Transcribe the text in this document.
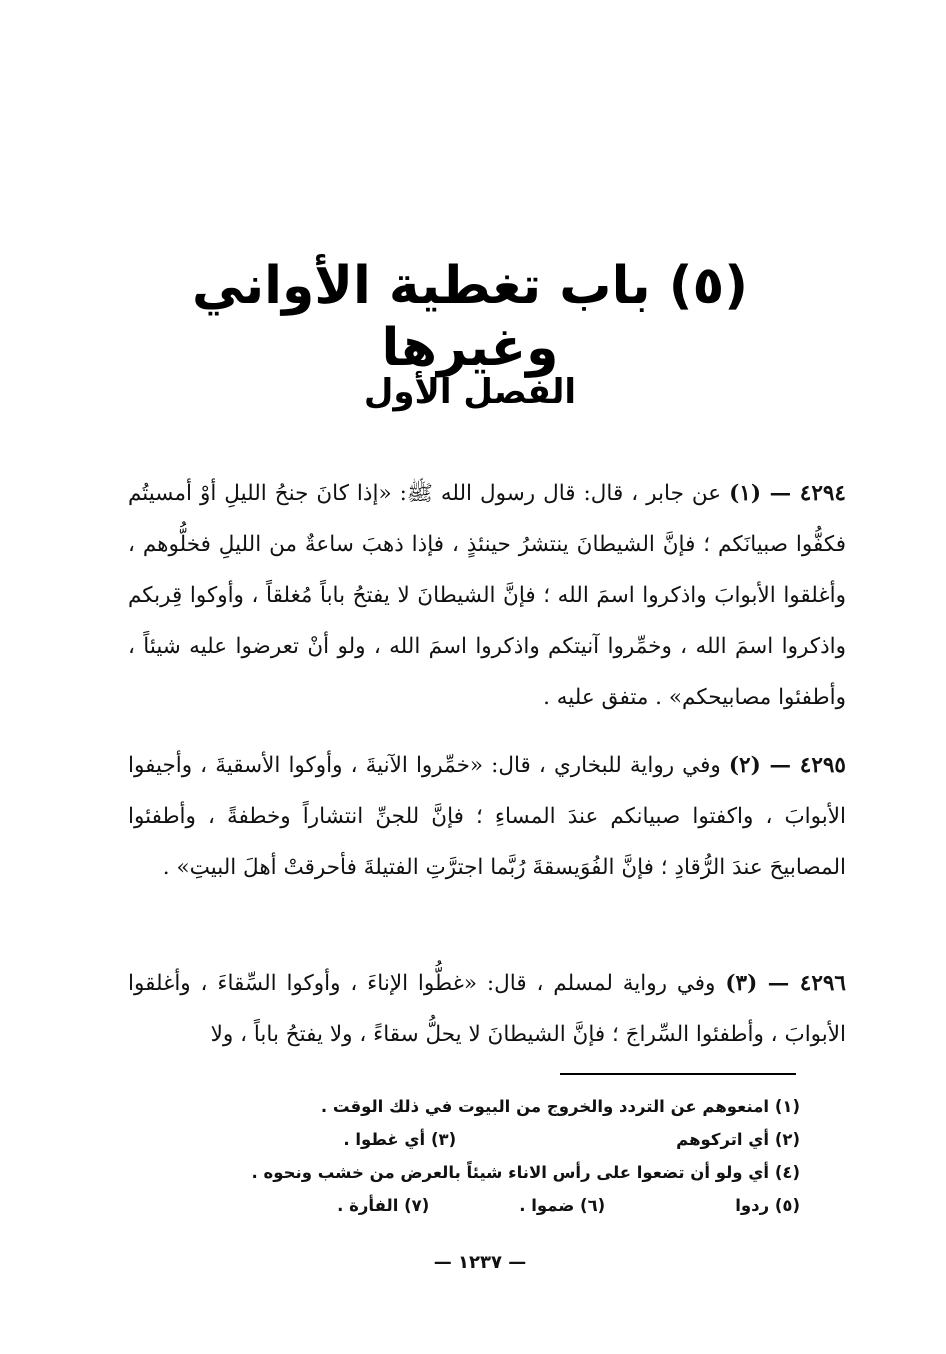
(٥) باب تغطية الأواني وغيرها
الفصل الأول

٤٢٩٤ — (١) عن جابر ، قال: قال رسول الله ﷺ: «إذا كانَ جنحُ الليلِ أوْ أمسيتُم فكفُّوا صبيانَكم ؛ فإنَّ الشيطانَ ينتشرُ حينئذٍ ، فإذا ذهبَ ساعةٌ من الليلِ فخلُّوهم ، وأغلقوا الأبوابَ واذكروا اسمَ الله ؛ فإنَّ الشيطانَ لا يفتحُ باباً مُغلقاً ، وأوكوا قِربكم واذكروا اسمَ الله ، وخمِّروا آنيتكم واذكروا اسمَ الله ، ولو أنْ تعرضوا عليه شيئاً ، وأطفئوا مصابيحكم» . متفق عليه .

٤٢٩٥ — (٢) وفي رواية للبخاري ، قال: «خمِّروا الآنيةَ ، وأوكوا الأسقيةَ ، وأجيفوا الأبوابَ ، واكفتوا صبيانكم عندَ المساءِ ؛ فإنَّ للجنِّ انتشاراً وخطفةً ، وأطفئوا المصابيحَ عندَ الرُّقادِ ؛ فإنَّ الفُوَيسقةَ رُبَّما اجترَّتِ الفتيلةَ فأحرقتْ أهلَ البيتِ» .

٤٢٩٦ — (٣) وفي رواية لمسلم ، قال: «غطُّوا الإناءَ ، وأوكوا السِّقاءَ ، وأغلقوا الأبوابَ ، وأطفئوا السِّراجَ ؛ فإنَّ الشيطانَ لا يحلُّ سقاءً ، ولا يفتحُ باباً ، ولا

(١) امنعوهم عن التردد والخروج من البيوت في ذلك الوقت .
(٢) أي اتركوهم
(٣) أي غطوا .
(٤) أي ولو أن تضعوا على رأس الاناء شيئاً بالعرض من خشب ونحوه .
(٥) ردوا
(٦) ضموا .
(٧) الفأرة .
— ١٢٣٧ —
